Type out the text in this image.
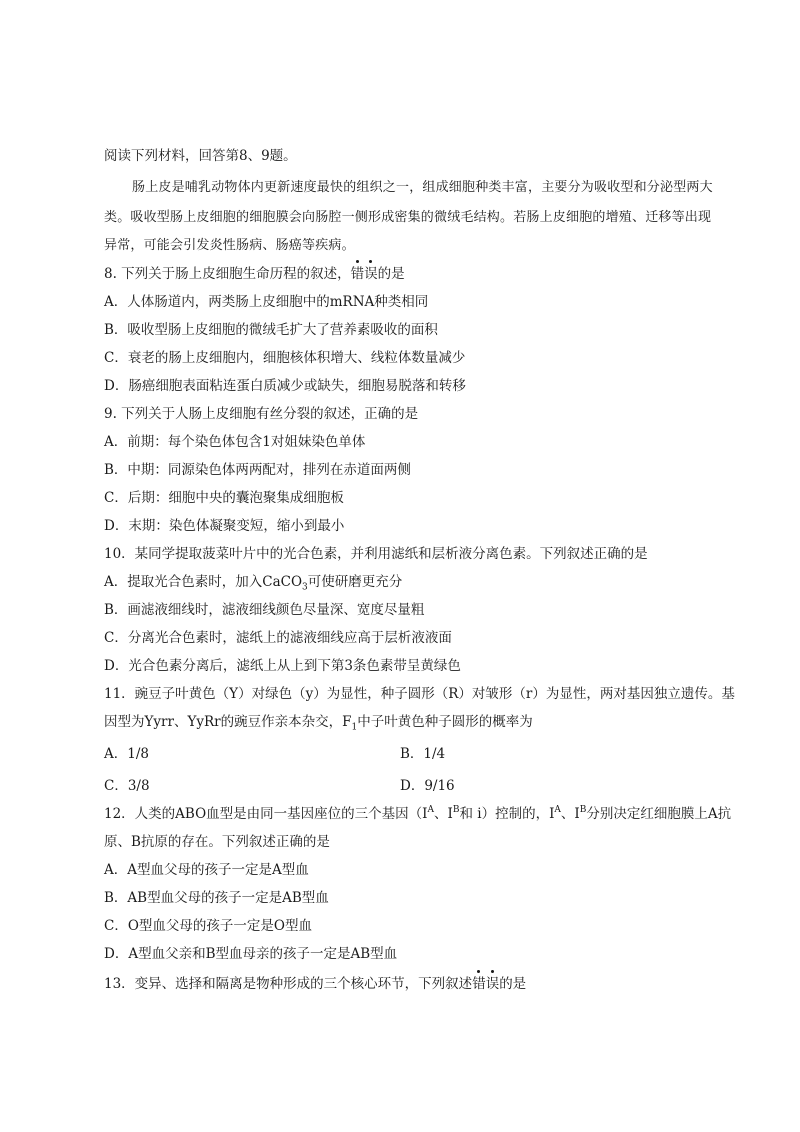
阅读下列材料，回答第8、9题。
肠上皮是哺乳动物体内更新速度最快的组织之一，组成细胞种类丰富，主要分为吸收型和分泌型两大
类。吸收型肠上皮细胞的细胞膜会向肠腔一侧形成密集的微绒毛结构。若肠上皮细胞的增殖、迁移等出现
异常，可能会引发炎性肠病、肠癌等疾病。
8. 下列关于肠上皮细胞生命历程的叙述，错误的是
A．人体肠道内，两类肠上皮细胞中的mRNA种类相同
B．吸收型肠上皮细胞的微绒毛扩大了营养素吸收的面积
C．衰老的肠上皮细胞内，细胞核体积增大、线粒体数量减少
D．肠癌细胞表面粘连蛋白质减少或缺失，细胞易脱落和转移
9. 下列关于人肠上皮细胞有丝分裂的叙述，正确的是
A．前期：每个染色体包含1对姐妹染色单体
B．中期：同源染色体两两配对，排列在赤道面两侧
C．后期：细胞中央的囊泡聚集成细胞板
D．末期：染色体凝聚变短，缩小到最小
10．某同学提取菠菜叶片中的光合色素，并利用滤纸和层析液分离色素。下列叙述正确的是
A．提取光合色素时，加入CaCO$_3$可使研磨更充分
B．画滤液细线时，滤液细线颜色尽量深、宽度尽量粗
C．分离光合色素时，滤纸上的滤液细线应高于层析液液面
D．光合色素分离后，滤纸上从上到下第3条色素带呈黄绿色
11．豌豆子叶黄色（Y）对绿色（y）为显性，种子圆形（R）对皱形（r）为显性，两对基因独立遗传。基
因型为Yyrr、YyRr的豌豆作亲本杂交，$F_1$中子叶黄色种子圆形的概率为
A．1/8	B．1/4
C．3/8	D．9/16
12．人类的ABO血型是由同一基因座位的三个基因（$I^A$、$I^B$和 i）控制的，$I^A$、$I^B$分别决定红细胞膜上A抗
原、B抗原的存在。下列叙述正确的是
A．A型血父母的孩子一定是A型血
B．AB型血父母的孩子一定是AB型血
C．O型血父母的孩子一定是O型血
D．A型血父亲和B型血母亲的孩子一定是AB型血
13．变异、选择和隔离是物种形成的三个核心环节，下列叙述错误的是
